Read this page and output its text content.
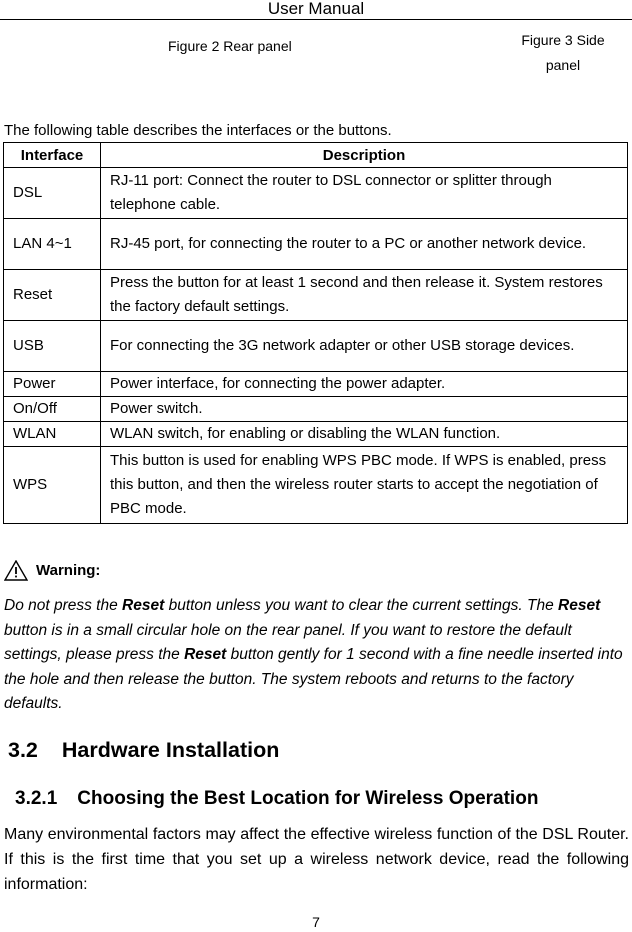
User Manual
Figure 2 Rear panel	Figure 3 Side
panel
The following table describes the interfaces or the buttons.
Interface	Description
DSL	RJ-11 port: Connect the router to DSL connector or splitter through telephone cable.
LAN 4~1	RJ-45 port, for connecting the router to a PC or another network device.
Reset	Press the button for at least 1 second and then release it. System restores the factory default settings.
USB	For connecting the 3G network adapter or other USB storage devices.
Power	Power interface, for connecting the power adapter.
On/Off	Power switch.
WLAN	WLAN switch, for enabling or disabling the WLAN function.
WPS	This button is used for enabling WPS PBC mode. If WPS is enabled, press this button, and then the wireless router starts to accept the negotiation of PBC mode.
Warning:
Do not press the Reset button unless you want to clear the current settings. The Reset button is in a small circular hole on the rear panel. If you want to restore the default settings, please press the Reset button gently for 1 second with a fine needle inserted into the hole and then release the button. The system reboots and returns to the factory defaults.
3.2 Hardware Installation
3.2.1 Choosing the Best Location for Wireless Operation
Many environmental factors may affect the effective wireless function of the DSL Router. If this is the first time that you set up a wireless network device, read the following information:
7
